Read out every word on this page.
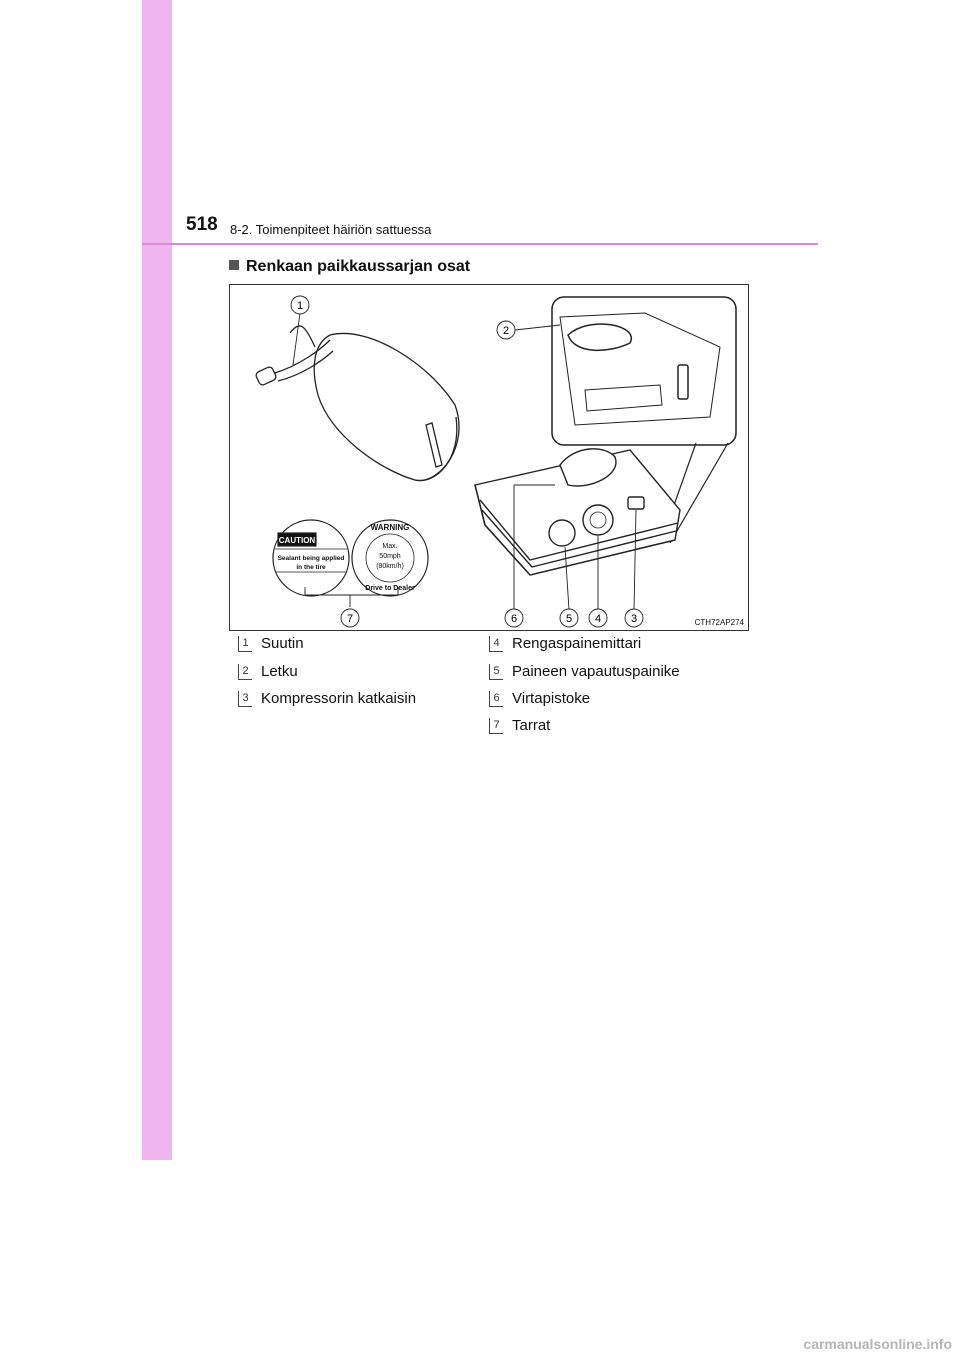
518 8-2. Toimenpiteet häiriön sattuessa
Renkaan paikkaussarjan osat
CAUTION
Sealant being applied
in the tire
WARNING
Max.
50mph
(80km/h)
Drive to Dealer
1
2
3
4
5
6
7	CTH72AP274
1 Suutin
2 Letku
3 Kompressorin katkaisin
4 Rengaspainemittari
5 Paineen vapautuspainike
6 Virtapistoke
7 Tarrat
carmanualsonline.info
